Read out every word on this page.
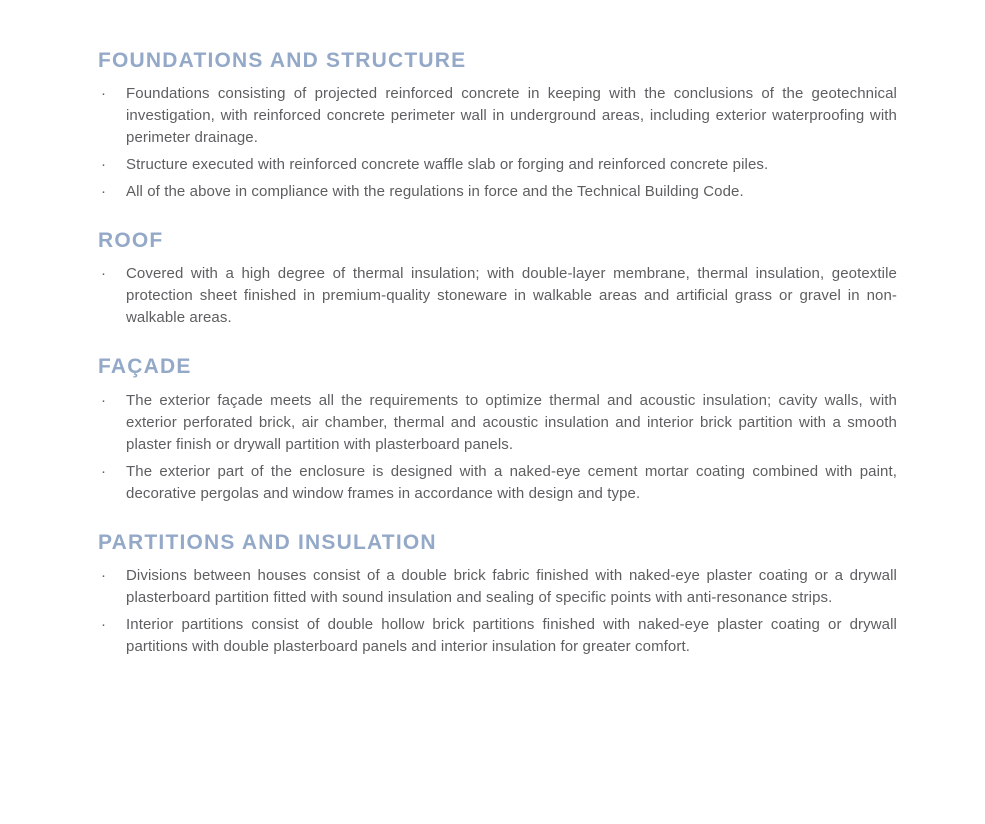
FOUNDATIONS AND STRUCTURE
· Foundations consisting of projected reinforced concrete in keeping with the conclusions of the geotechnical investigation, with reinforced concrete perimeter wall in underground areas, including exterior waterproofing with perimeter drainage.
· Structure executed with reinforced concrete waffle slab or forging and reinforced concrete piles.
· All of the above in compliance with the regulations in force and the Technical Building Code.
ROOF
· Covered with a high degree of thermal insulation; with double-layer membrane, thermal insulation, geotextile protection sheet finished in premium-quality stoneware in walkable areas and artificial grass or gravel in non-walkable areas.
FAÇADE
· The exterior façade meets all the requirements to optimize thermal and acoustic insulation; cavity walls, with exterior perforated brick, air chamber, thermal and acoustic insulation and interior brick partition with a smooth plaster finish or drywall partition with plasterboard panels.
· The exterior part of the enclosure is designed with a naked-eye cement mortar coating combined with paint, decorative pergolas and window frames in accordance with design and type.
PARTITIONS AND INSULATION
· Divisions between houses consist of a double brick fabric finished with naked-eye plaster coating or a drywall plasterboard partition fitted with sound insulation and sealing of specific points with anti-resonance strips.
· Interior partitions consist of double hollow brick partitions finished with naked-eye plaster coating or drywall partitions with double plasterboard panels and interior insulation for greater comfort.
